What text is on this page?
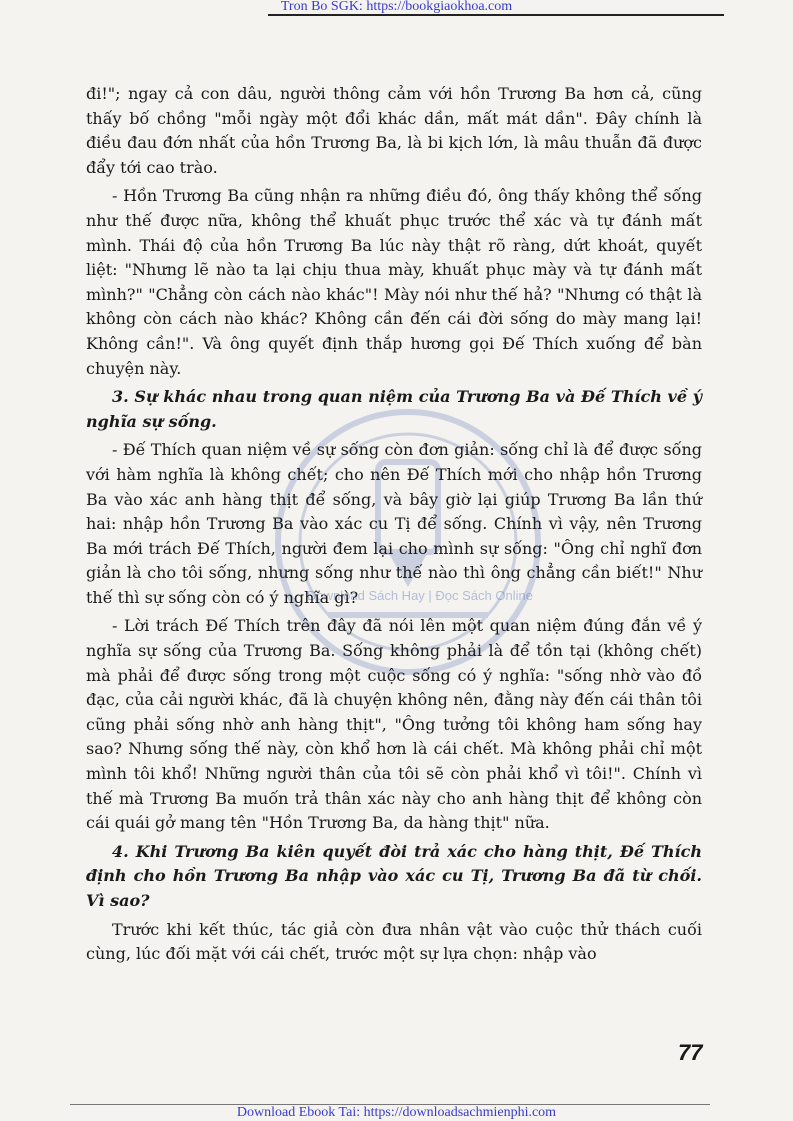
Tron Bo SGK: https://bookgiaokhoa.com
Download Sách Hay | Đọc Sách Online

đi!"; ngay cả con dâu, người thông cảm với hồn Trương Ba hơn cả, cũng thấy bố chồng "mỗi ngày một đổi khác dần, mất mát dần". Đây chính là điều đau đớn nhất của hồn Trương Ba, là bi kịch lớn, là mâu thuẫn đã được đẩy tới cao trào.

- Hồn Trương Ba cũng nhận ra những điều đó, ông thấy không thể sống như thế được nữa, không thể khuất phục trước thể xác và tự đánh mất mình. Thái độ của hồn Trương Ba lúc này thật rõ ràng, dứt khoát, quyết liệt: "Nhưng lẽ nào ta lại chịu thua mày, khuất phục mày và tự đánh mất mình?" "Chẳng còn cách nào khác"! Mày nói như thế hả? "Nhưng có thật là không còn cách nào khác? Không cần đến cái đời sống do mày mang lại! Không cần!". Và ông quyết định thắp hương gọi Đế Thích xuống để bàn chuyện này.

3. Sự khác nhau trong quan niệm của Trương Ba và Đế Thích về ý nghĩa sự sống.

- Đế Thích quan niệm về sự sống còn đơn giản: sống chỉ là để được sống với hàm nghĩa là không chết; cho nên Đế Thích mới cho nhập hồn Trương Ba vào xác anh hàng thịt để sống, và bây giờ lại giúp Trương Ba lần thứ hai: nhập hồn Trương Ba vào xác cu Tị để sống. Chính vì vậy, nên Trương Ba mới trách Đế Thích, người đem lại cho mình sự sống: "Ông chỉ nghĩ đơn giản là cho tôi sống, nhưng sống như thế nào thì ông chẳng cần biết!" Như thế thì sự sống còn có ý nghĩa gì?

- Lời trách Đế Thích trên đây đã nói lên một quan niệm đúng đắn về ý nghĩa sự sống của Trương Ba. Sống không phải là để tồn tại (không chết) mà phải để được sống trong một cuộc sống có ý nghĩa: "sống nhờ vào đồ đạc, của cải người khác, đã là chuyện không nên, đằng này đến cái thân tôi cũng phải sống nhờ anh hàng thịt", "Ông tưởng tôi không ham sống hay sao? Nhưng sống thế này, còn khổ hơn là cái chết. Mà không phải chỉ một mình tôi khổ! Những người thân của tôi sẽ còn phải khổ vì tôi!". Chính vì thế mà Trương Ba muốn trả thân xác này cho anh hàng thịt để không còn cái quái gở mang tên "Hồn Trương Ba, da hàng thịt" nữa.

4. Khi Trương Ba kiên quyết đòi trả xác cho hàng thịt, Đế Thích định cho hồn Trương Ba nhập vào xác cu Tị, Trương Ba đã từ chối. Vì sao?

Trước khi kết thúc, tác giả còn đưa nhân vật vào cuộc thử thách cuối cùng, lúc đối mặt với cái chết, trước một sự lựa chọn: nhập vào

77
Download Ebook Tai: https://downloadsachmienphi.com
